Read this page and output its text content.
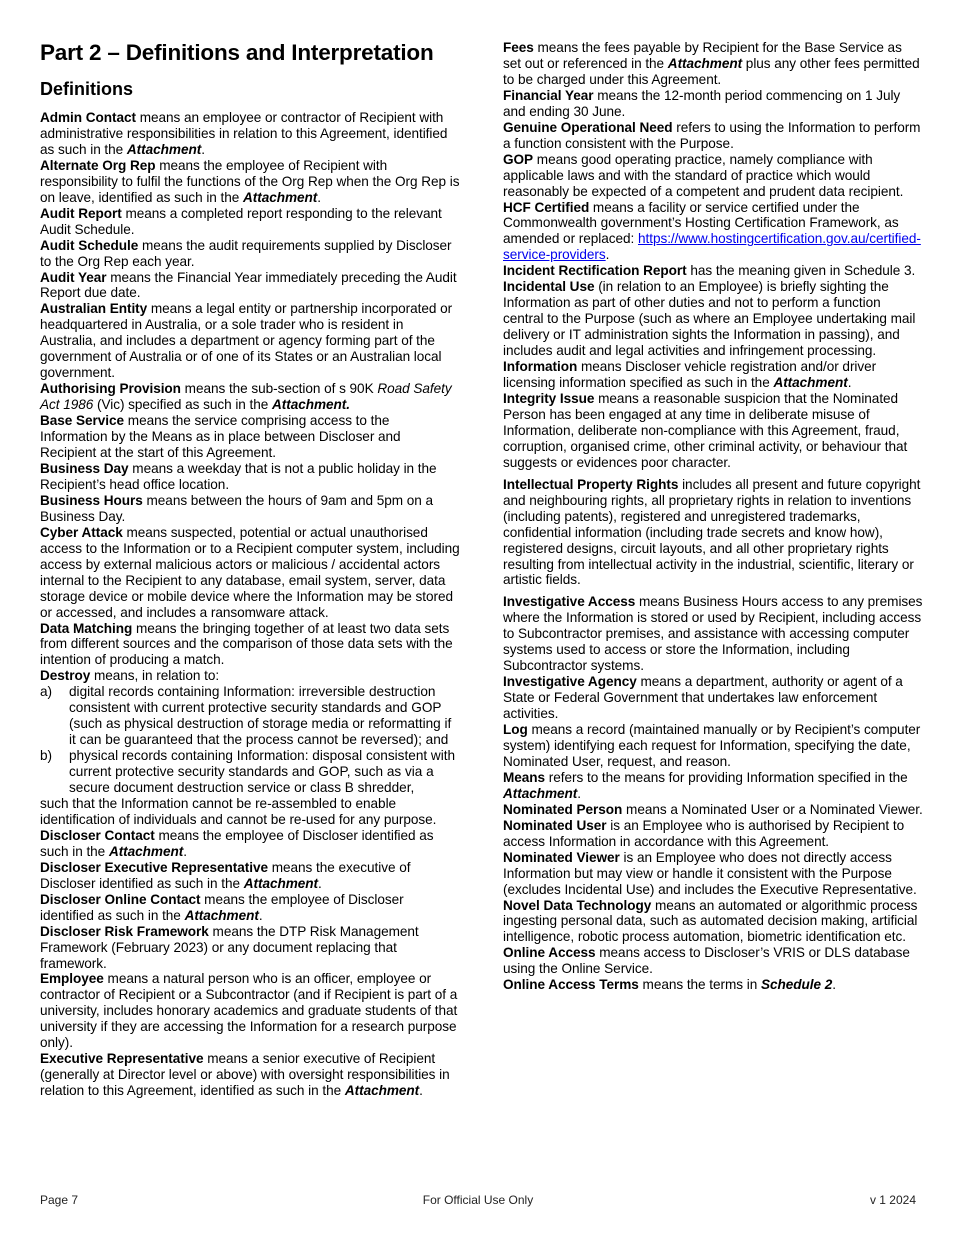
Part 2 – Definitions and Interpretation
Definitions

Admin Contact means an employee or contractor of Recipient with administrative responsibilities in relation to this Agreement, identified as such in the Attachment.

Alternate Org Rep means the employee of Recipient with responsibility to fulfil the functions of the Org Rep when the Org Rep is on leave, identified as such in the Attachment.

Audit Report means a completed report responding to the relevant Audit Schedule.

Audit Schedule means the audit requirements supplied by Discloser to the Org Rep each year.

Audit Year means the Financial Year immediately preceding the Audit Report due date.

Australian Entity means a legal entity or partnership incorporated or headquartered in Australia, or a sole trader who is resident in Australia, and includes a department or agency forming part of the government of Australia or of one of its States or an Australian local government.

Authorising Provision means the sub-section of s 90K Road Safety Act 1986 (Vic) specified as such in the Attachment.

Base Service means the service comprising access to the Information by the Means as in place between Discloser and Recipient at the start of this Agreement.

Business Day means a weekday that is not a public holiday in the Recipient’s head office location.

Business Hours means between the hours of 9am and 5pm on a Business Day.

Cyber Attack means suspected, potential or actual unauthorised access to the Information or to a Recipient computer system, including access by external malicious actors or malicious / accidental actors internal to the Recipient to any database, email system, server, data storage device or mobile device where the Information may be stored or accessed, and includes a ransomware attack.

Data Matching means the bringing together of at least two data sets from different sources and the comparison of those data sets with the intention of producing a match.

Destroy means, in relation to:

a)	digital records containing Information: irreversible destruction consistent with current protective security standards and GOP (such as physical destruction of storage media or reformatting if it can be guaranteed that the process cannot be reversed); and
b)	physical records containing Information: disposal consistent with current protective security standards and GOP, such as via a secure document destruction service or class B shredder,

such that the Information cannot be re-assembled to enable identification of individuals and cannot be re-used for any purpose.

Discloser Contact means the employee of Discloser identified as such in the Attachment.

Discloser Executive Representative means the executive of Discloser identified as such in the Attachment.

Discloser Online Contact means the employee of Discloser identified as such in the Attachment.

Discloser Risk Framework means the DTP Risk Management Framework (February 2023) or any document replacing that framework.

Employee means a natural person who is an officer, employee or contractor of Recipient or a Subcontractor (and if Recipient is part of a university, includes honorary academics and graduate students of that university if they are accessing the Information for a research purpose only).

Executive Representative means a senior executive of Recipient (generally at Director level or above) with oversight responsibilities in relation to this Agreement, identified as such in the Attachment.

Fees means the fees payable by Recipient for the Base Service as set out or referenced in the Attachment plus any other fees permitted to be charged under this Agreement.

Financial Year means the 12-month period commencing on 1 July and ending 30 June.

Genuine Operational Need refers to using the Information to perform a function consistent with the Purpose.

GOP means good operating practice, namely compliance with applicable laws and with the standard of practice which would reasonably be expected of a competent and prudent data recipient.

HCF Certified means a facility or service certified under the Commonwealth government’s Hosting Certification Framework, as amended or replaced: https://www.hostingcertification.gov.au/certified-service-providers.

Incident Rectification Report has the meaning given in Schedule 3.

Incidental Use (in relation to an Employee) is briefly sighting the Information as part of other duties and not to perform a function central to the Purpose (such as where an Employee undertaking mail delivery or IT administration sights the Information in passing), and includes audit and legal activities and infringement processing.

Information means Discloser vehicle registration and/or driver licensing information specified as such in the Attachment.

Integrity Issue means a reasonable suspicion that the Nominated Person has been engaged at any time in deliberate misuse of Information, deliberate non-compliance with this Agreement, fraud, corruption, organised crime, other criminal activity, or behaviour that suggests or evidences poor character.

Intellectual Property Rights includes all present and future copyright and neighbouring rights, all proprietary rights in relation to inventions (including patents), registered and unregistered trademarks, confidential information (including trade secrets and know how), registered designs, circuit layouts, and all other proprietary rights resulting from intellectual activity in the industrial, scientific, literary or artistic fields.

Investigative Access means Business Hours access to any premises where the Information is stored or used by Recipient, including access to Subcontractor premises, and assistance with accessing computer systems used to access or store the Information, including Subcontractor systems.

Investigative Agency means a department, authority or agent of a State or Federal Government that undertakes law enforcement activities.

Log means a record (maintained manually or by Recipient’s computer system) identifying each request for Information, specifying the date, Nominated User, request, and reason.

Means refers to the means for providing Information specified in the Attachment.

Nominated Person means a Nominated User or a Nominated Viewer.

Nominated User is an Employee who is authorised by Recipient to access Information in accordance with this Agreement.

Nominated Viewer is an Employee who does not directly access Information but may view or handle it consistent with the Purpose (excludes Incidental Use) and includes the Executive Representative.

Novel Data Technology means an automated or algorithmic process ingesting personal data, such as automated decision making, artificial intelligence, robotic process automation, biometric identification etc.

Online Access means access to Discloser’s VRIS or DLS database using the Online Service.

Online Access Terms means the terms in Schedule 2.

For Official Use Only
Page 7	v 1 2024
